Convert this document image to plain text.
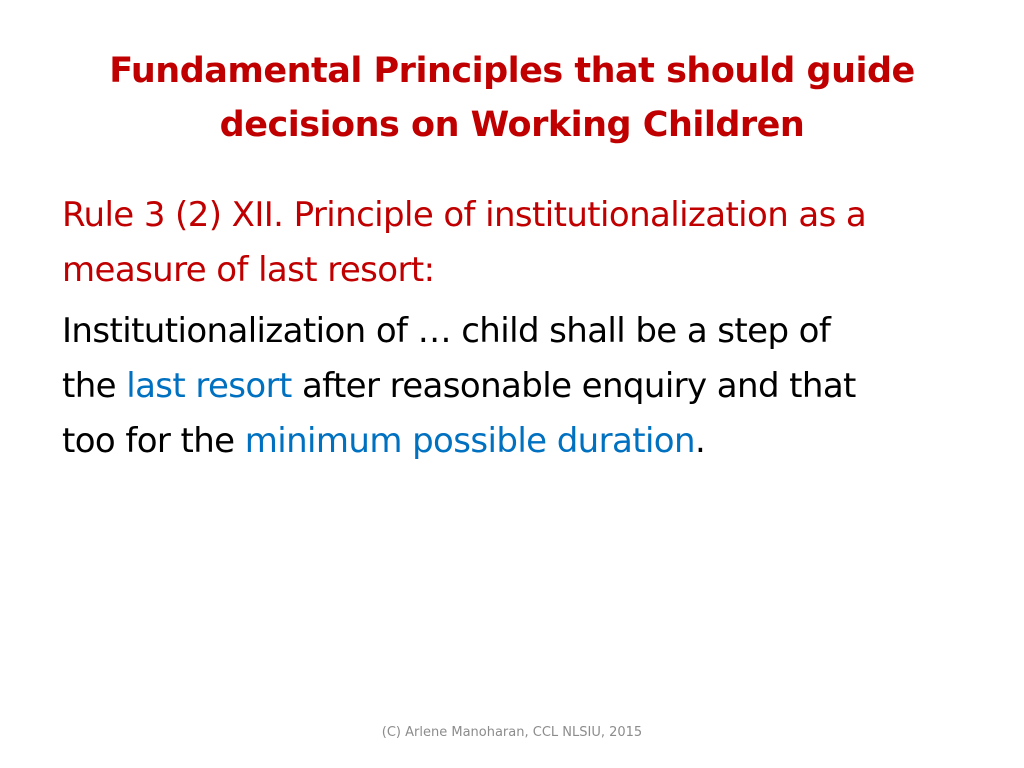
Fundamental Principles that should guide
decisions on Working Children
Rule 3 (2) XII. Principle of institutionalization as a
measure of last resort:
Institutionalization of … child shall be a step of
the last resort after reasonable enquiry and that
too for the minimum possible duration.
(C) Arlene Manoharan, CCL NLSIU, 2015
